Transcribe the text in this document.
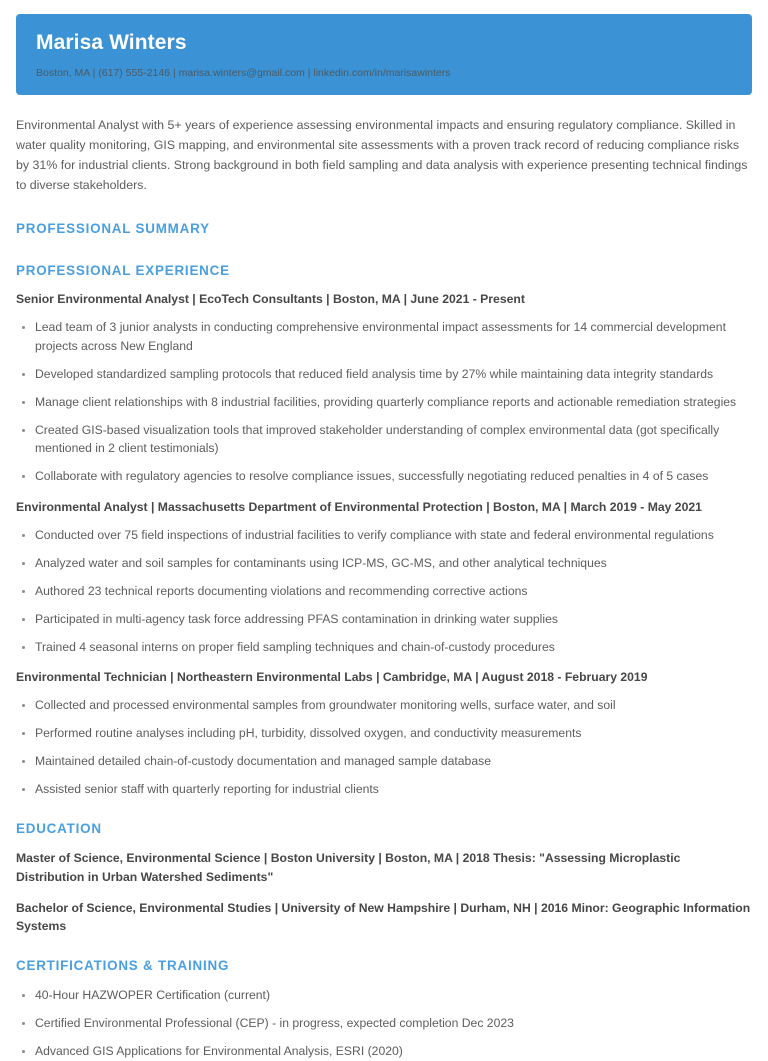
Marisa Winters
Boston, MA | (617) 555-2146 | marisa.winters@gmail.com | linkedin.com/in/marisawinters

Environmental Analyst with 5+ years of experience assessing environmental impacts and ensuring regulatory compliance. Skilled in water quality monitoring, GIS mapping, and environmental site assessments with a proven track record of reducing compliance risks by 31% for industrial clients. Strong background in both field sampling and data analysis with experience presenting technical findings to diverse stakeholders.

PROFESSIONAL SUMMARY
PROFESSIONAL EXPERIENCE
Senior Environmental Analyst | EcoTech Consultants | Boston, MA | June 2021 - Present
Lead team of 3 junior analysts in conducting comprehensive environmental impact assessments for 14 commercial development projects across New England
Developed standardized sampling protocols that reduced field analysis time by 27% while maintaining data integrity standards
Manage client relationships with 8 industrial facilities, providing quarterly compliance reports and actionable remediation strategies
Created GIS-based visualization tools that improved stakeholder understanding of complex environmental data (got specifically mentioned in 2 client testimonials)
Collaborate with regulatory agencies to resolve compliance issues, successfully negotiating reduced penalties in 4 of 5 cases
Environmental Analyst | Massachusetts Department of Environmental Protection | Boston, MA | March 2019 - May 2021
Conducted over 75 field inspections of industrial facilities to verify compliance with state and federal environmental regulations
Analyzed water and soil samples for contaminants using ICP-MS, GC-MS, and other analytical techniques
Authored 23 technical reports documenting violations and recommending corrective actions
Participated in multi-agency task force addressing PFAS contamination in drinking water supplies
Trained 4 seasonal interns on proper field sampling techniques and chain-of-custody procedures
Environmental Technician | Northeastern Environmental Labs | Cambridge, MA | August 2018 - February 2019
Collected and processed environmental samples from groundwater monitoring wells, surface water, and soil
Performed routine analyses including pH, turbidity, dissolved oxygen, and conductivity measurements
Maintained detailed chain-of-custody documentation and managed sample database
Assisted senior staff with quarterly reporting for industrial clients
EDUCATION
Master of Science, Environmental Science | Boston University | Boston, MA | 2018 Thesis: "Assessing Microplastic Distribution in Urban Watershed Sediments"
Bachelor of Science, Environmental Studies | University of New Hampshire | Durham, NH | 2016 Minor: Geographic Information Systems
CERTIFICATIONS & TRAINING
40-Hour HAZWOPER Certification (current)
Certified Environmental Professional (CEP) - in progress, expected completion Dec 2023
Advanced GIS Applications for Environmental Analysis, ESRI (2020)
